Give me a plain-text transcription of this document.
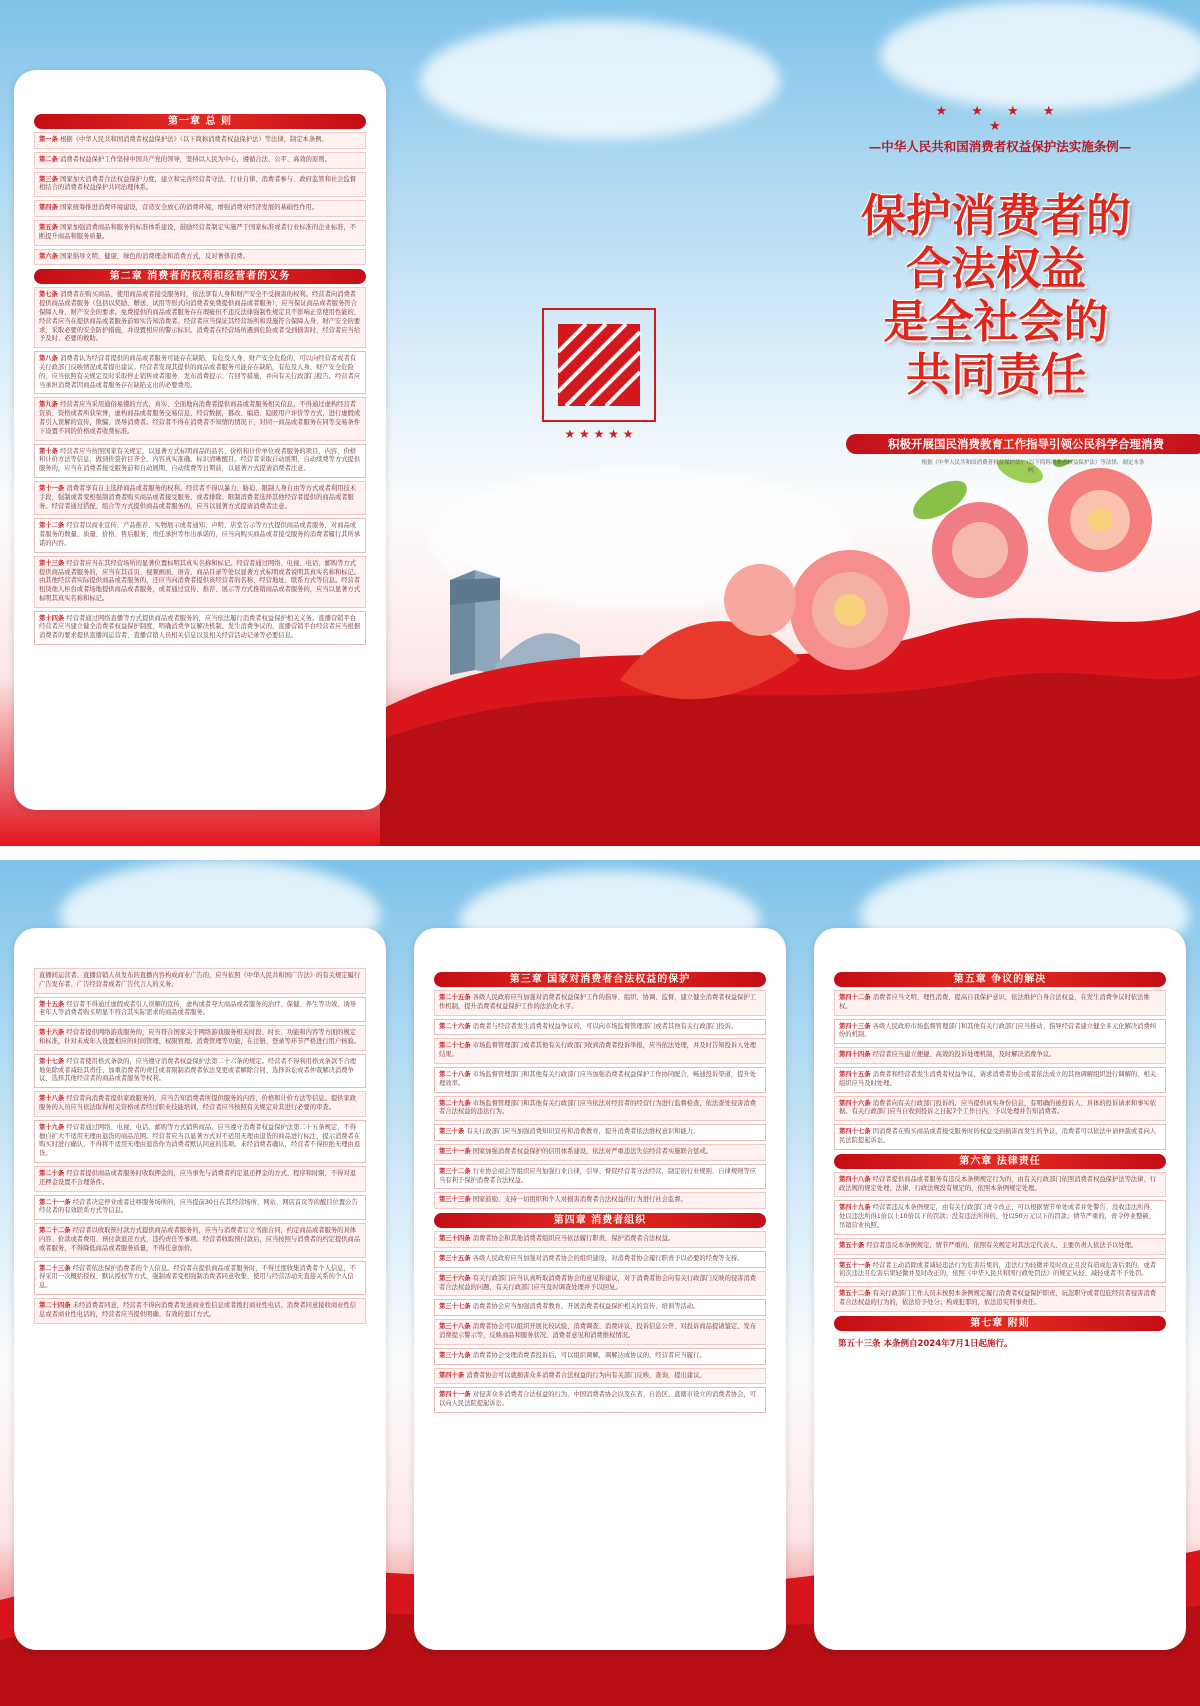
第一章 总 则
第一条 根据《中华人民共和国消费者权益保护法》（以下简称消费者权益保护法）等法律，制定本条例。
第二条 消费者权益保护工作坚持中国共产党的领导，坚持以人民为中心，遵循合法、公平、高效的原则。
第三条 国家加大消费者合法权益保护力度，建立和完善经营者守法、行业自律、消费者参与、政府监管和社会监督相结合的消费者权益保护共同治理体系。
第四条 国家统筹推进消费环境建设，营造安全放心的消费环境，增强消费对经济发展的基础性作用。
第五条 国家加强消费商品和服务的标准体系建设，鼓励经营者制定实施严于国家标准或者行业标准的企业标准，不断提升商品和服务质量。
第六条 国家倡导文明、健康、绿色的消费理念和消费方式，反对奢侈浪费。
第二章 消费者的权利和经营者的义务
第七条 消费者在购买商品、使用商品或者接受服务时，依法享有人身和财产安全不受损害的权利。经营者向消费者提供商品或者服务（包括以奖励、赠送、试用等形式向消费者免费提供商品或者服务），应当保证商品或者服务符合保障人身、财产安全的要求。免费提供的商品或者服务存在瑕疵但不违反法律强制性规定且不影响正常使用性能的，经营者应当在提供商品或者服务前如实告知消费者。经营者应当保证其经营场所和设施符合保障人身、财产安全的要求，采取必要的安全防护措施，并设置相应的警示标识。消费者在经营场所遇到危险或者受到损害时，经营者应当给予及时、必要的救助。
第八条 消费者认为经营者提供的商品或者服务可能存在缺陷，有危及人身、财产安全危险的，可以向经营者或者有关行政部门反映情况或者提出建议。经营者发现其提供的商品或者服务可能存在缺陷，有危及人身、财产安全危险的，应当依照有关规定及时采取停止销售或者服务、发布消费提示、召回等措施，并向有关行政部门报告。经营者应当承担消费者因商品或者服务存在缺陷支出的必要费用。
第九条 经营者应当采用通俗易懂的方式，真实、全面地向消费者提供商品或者服务相关信息，不得通过虚构经营者资质、资格或者所获荣誉，虚构商品或者服务交易信息、经营数据，篡改、编造、隐匿用户评价等方式，进行虚假或者引人误解的宣传，欺骗、误导消费者。经营者不得在消费者不知情的情况下，对同一商品或者服务在同等交易条件下设置不同的价格或者收费标准。
第十条 经营者应当按照国家有关规定，以显著方式标明商品的品名、价格和计价单位或者服务的项目、内容、价格和计价方法等信息，做到价签价目齐全、内容真实准确、标识清晰醒目。经营者采取自动展期、自动续费等方式提供服务的，应当在消费者接受服务前和自动展期、自动续费等日期前，以显著方式提请消费者注意。
第十一条 消费者享有自主选择商品或者服务的权利。经营者不得以暴力、胁迫、限制人身自由等方式或者利用技术手段，强制或者变相强制消费者购买商品或者接受服务，或者排除、限制消费者选择其他经营者提供的商品或者服务。经营者通过搭配、组合等方式提供商品或者服务的，应当以显著方式提请消费者注意。
第十二条 经营者以商业宣传、产品推荐、实物展示或者通知、声明、店堂告示等方式提供商品或者服务，对商品或者服务的数量、质量、价格、售后服务、责任承担等作出承诺的，应当向购买商品或者接受服务的消费者履行其所承诺的内容。
第十三条 经营者应当在其经营场所的显著位置标明其真实名称和标记。经营者通过网络、电视、电话、邮购等方式提供商品或者服务的，应当在其首页、视频画面、语音、商品目录等处以显著方式标明或者说明其真实名称和标记。由其他经营者实际提供商品或者服务的，还应当向消费者提供该经营者的名称、经营地址、联系方式等信息。经营者租赁他人柜台或者场地提供商品或者服务，或者通过宣传、推荐、展示等方式推销商品或者服务的，应当以显著方式标明其真实名称和标记。
第十四条 经营者通过网络直播等方式提供商品或者服务的，应当依法履行消费者权益保护相关义务。直播营销平台经营者应当建立健全消费者权益保护制度，明确消费争议解决机制。发生消费争议的，直播营销平台经营者应当根据消费者的要求提供直播间运营者、直播营销人员相关信息以及相关经营活动记录等必要信息。
★ ★ ★ ★ ★
—中华人民共和国消费者权益保护法实施条例—
保护消费者的
合法权益
是全社会的
共同责任
积极开展国民消费教育工作指导引领公民科学合理消费
根据《中华人民共和国消费者权益保护法》（以下简称消费者权益保护法）等法律，制定本条例。
★ ★ ★ ★ ★
直播间运营者、直播营销人员发布的直播内容构成商业广告的，应当依照《中华人民共和国广告法》的有关规定履行广告发布者、广告经营者或者广告代言人的义务。
第十五条 经营者不得通过虚假或者引人误解的宣传，虚构或者夸大商品或者服务的治疗、保健、养生等功效，诱导老年人等消费者购买明显不符合其实际需求的商品或者服务。
第十六条 经营者提供网络游戏服务的，应当符合国家关于网络游戏服务相关时段、时长、功能和内容等方面的规定和标准，针对未成年人设置相应的时间管理、权限管理、消费管理等功能，在注册、登录等环节严格进行用户核验。
第十七条 经营者使用格式条款的，应当遵守消费者权益保护法第二十六条的规定。经营者不得利用格式条款不合理地免除或者减轻其责任、加重消费者的责任或者限制消费者依法变更或者解除合同、选择诉讼或者仲裁解决消费争议、选择其他经营者的商品或者服务等权利。
第十八条 经营者向消费者提供家政服务的，应当告知消费者所提供服务的内容、价格和计价方法等信息。提供家政服务的人员应当依法取得相关资格或者经过职业技能培训，经营者应当按照有关规定对其进行必要的审查。
第十九条 经营者通过网络、电视、电话、邮购等方式销售商品，应当遵守消费者权益保护法第二十五条规定，不得擅自扩大不适用无理由退货的商品范围。经营者应当以显著方式对不适用无理由退货的商品进行标注，提示消费者在购买时进行确认，不得将不适用无理由退货作为消费者默认同意的选项。未经消费者确认，经营者不得拒绝无理由退货。
第二十条 经营者提供商品或者服务时收取押金的，应当事先与消费者约定退还押金的方式、程序和时限，不得对退还押金设置不合理条件。
第二十一条 经营者决定停业或者迁移服务场所的，应当提前30日在其经营场所、网站、网店首页等的醒目位置公告经营者的有效联系方式等信息。
第二十二条 经营者以收取预付款方式提供商品或者服务的，应当与消费者订立书面合同，约定商品或者服务的具体内容、价款或者费用、预付款退还方式、违约责任等事项。经营者收取预付款后，应当按照与消费者的约定提供商品或者服务，不得降低商品或者服务质量，不得任意加价。
第二十三条 经营者依法保护消费者的个人信息。经营者在提供商品或者服务时，不得过度收集消费者个人信息，不得采用一次概括授权、默认授权等方式，强制或者变相强制消费者同意收集、使用与经营活动无直接关系的个人信息。
第二十四条 未经消费者同意，经营者不得向消费者发送商业性信息或者拨打商业性电话。消费者同意接收商业性信息或者商业性电话的，经营者应当提供明确、有效的退订方式。
第三章 国家对消费者合法权益的保护
第二十五条 各级人民政府应当加强对消费者权益保护工作的指导、组织、协调、监督，建立健全消费者权益保护工作机制，提升消费者权益保护工作的法治化水平。
第二十六条 消费者与经营者发生消费者权益争议的，可以向市场监督管理部门或者其他有关行政部门投诉。
第二十七条 市场监督管理部门或者其他有关行政部门收到消费者投诉举报，应当依法处理，并及时告知投诉人处理结果。
第二十八条 市场监督管理部门和其他有关行政部门应当加强消费者权益保护工作协同配合，畅通投诉渠道，提升处理效率。
第二十九条 市场监督管理部门和其他有关行政部门应当依法对经营者的经营行为进行监督检查，依法查处侵害消费者合法权益的违法行为。
第三十条 有关行政部门应当加强消费知识宣传和消费教育，提升消费者依法维权意识和能力。
第三十一条 国家加强消费者权益保护的信用体系建设，依法对严重违法失信经营者实施联合惩戒。
第三十二条 行业协会商会等组织应当加强行业自律，引导、督促经营者守法经营，制定的行业规则、自律规则等应当有利于保护消费者合法权益。
第三十三条 国家鼓励、支持一切组织和个人对损害消费者合法权益的行为进行社会监督。
第四章 消费者组织
第三十四条 消费者协会和其他消费者组织应当依法履行职责，保护消费者合法权益。
第三十五条 各级人民政府应当加强对消费者协会的组织建设，对消费者协会履行职责予以必要的经费等支持。
第三十六条 有关行政部门应当认真听取消费者协会的意见和建议，对于消费者协会向有关行政部门反映的侵害消费者合法权益的问题，有关行政部门应当及时调查处理并予以回复。
第三十七条 消费者协会应当加强消费者教育，开展消费者权益保护相关的宣传、培训等活动。
第三十八条 消费者协会可以组织开展比较试验、消费调查、消费评议、投诉信息公开、对投诉商品提请鉴定、发布消费提示警示等，反映商品和服务状况、消费者意见和消费维权情况。
第三十九条 消费者协会受理消费者投诉后，可以组织调解，调解达成协议的，经营者应当履行。
第四十条 消费者协会可以就损害众多消费者合法权益的行为向有关部门反映、查询，提出建议。
第四十一条 对侵害众多消费者合法权益的行为，中国消费者协会以及在省、自治区、直辖市设立的消费者协会，可以向人民法院提起诉讼。
第五章 争议的解决
第四十二条 消费者应当文明、理性消费，提高自我保护意识，依法维护自身合法权益，在发生消费争议时依法维权。
第四十三条 各级人民政府市场监督管理部门和其他有关行政部门应当推动、指导经营者建立健全多元化解决消费纠纷的机制。
第四十四条 经营者应当建立便捷、高效的投诉处理机制，及时解决消费争议。
第四十五条 消费者和经营者发生消费者权益争议，请求消费者协会或者依法成立的其他调解组织进行调解的，相关组织应当及时处理。
第四十六条 消费者向有关行政部门投诉的，应当提供真实身份信息，有明确的被投诉人、具体的投诉请求和事实依据。有关行政部门应当自收到投诉之日起7个工作日内，予以处理并告知消费者。
第四十七条 因消费者在购买商品或者接受服务时的权益受到损害而发生的争议，消费者可以依法申请仲裁或者向人民法院提起诉讼。
第六章 法律责任
第四十八条 经营者提供商品或者服务有违反本条例规定行为的，由有关行政部门依照消费者权益保护法等法律、行政法规的规定处理；法律、行政法规没有规定的，依照本条例规定处理。
第四十九条 经营者违反本条例规定，由有关行政部门责令改正，可以根据情节单处或者并处警告、没收违法所得、处以违法所得1倍以上10倍以下的罚款；没有违法所得的，处以50万元以下的罚款；情节严重的，责令停业整顿、吊销营业执照。
第五十条 经营者违反本条例规定，情节严重的，依照有关规定对其法定代表人、主要负责人依法予以处理。
第五十一条 经营者主动消除或者减轻违法行为危害后果的，违法行为轻微并及时改正且没有造成危害后果的，或者初次违法且危害后果轻微并及时改正的，依照《中华人民共和国行政处罚法》的规定从轻、减轻或者不予处罚。
第五十二条 有关行政部门工作人员未按照本条例规定履行消费者权益保护职责，玩忽职守或者包庇经营者侵害消费者合法权益的行为的，依法给予处分；构成犯罪的，依法追究刑事责任。
第七章 附则
第五十三条 本条例自2024年7月1日起施行。
